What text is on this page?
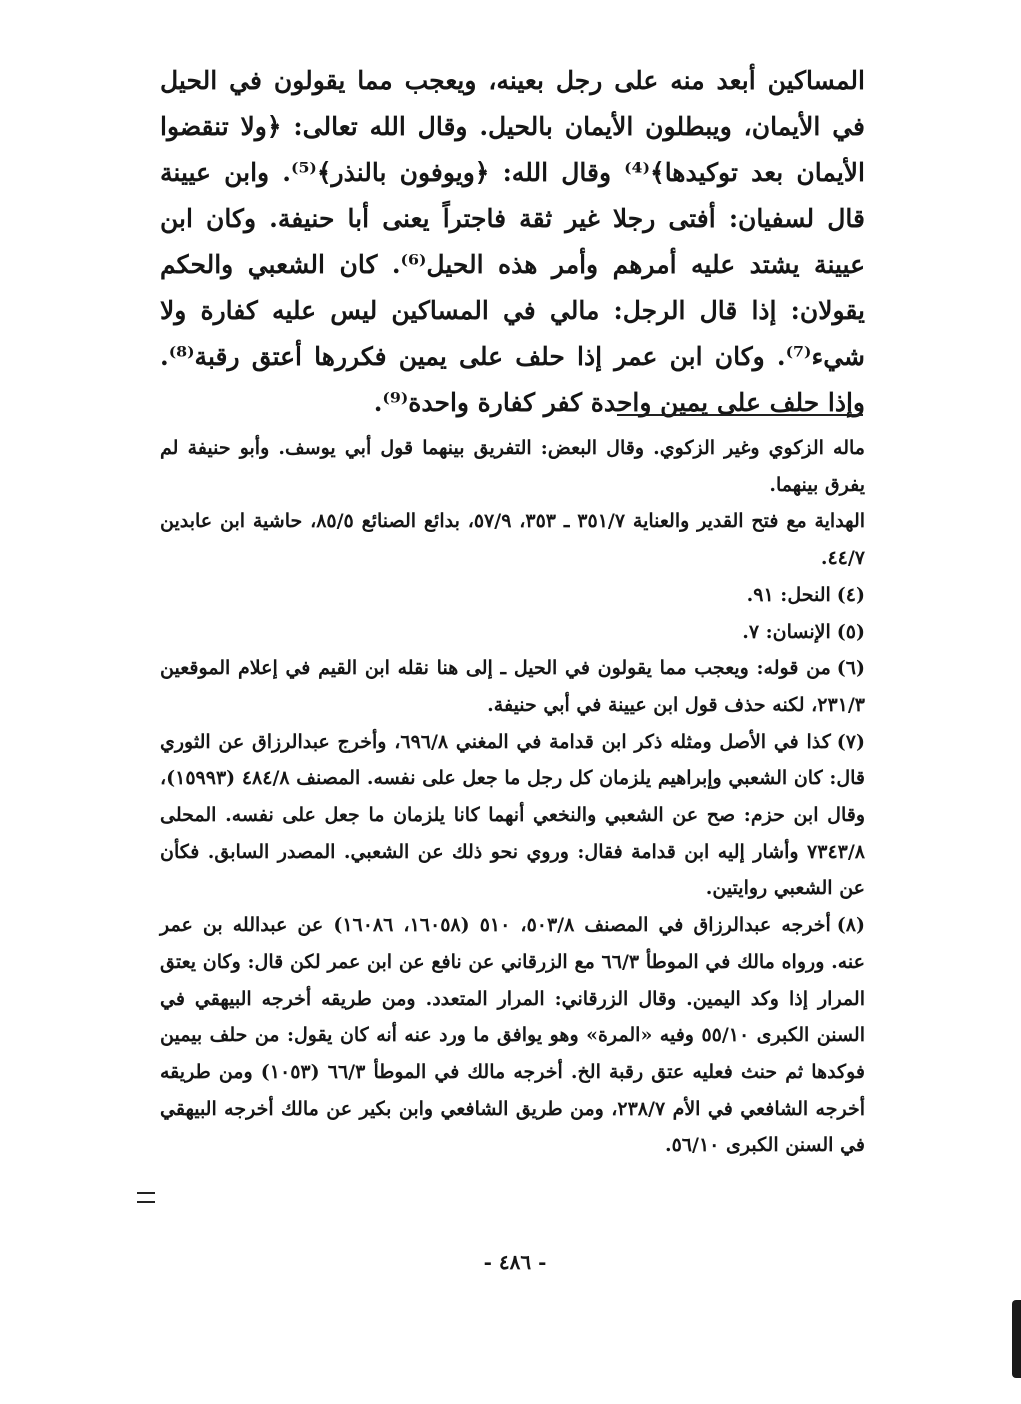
المساكين أبعد منه على رجل بعينه، ويعجب مما يقولون في الحيل في الأيمان، ويبطلون الأيمان بالحيل. وقال الله تعالى: ﴿ولا تنقضوا الأيمان بعد توكيدها﴾⁽⁴⁾ وقال الله: ﴿ويوفون بالنذر﴾⁽⁵⁾. وابن عيينة قال لسفيان: أفتى رجلا غير ثقة فاجتراً يعنى أبا حنيفة. وكان ابن عيينة يشتد عليه أمرهم وأمر هذه الحيل⁽⁶⁾. كان الشعبي والحكم يقولان: إذا قال الرجل: مالي في المساكين ليس عليه كفارة ولا شيء⁽⁷⁾. وكان ابن عمر إذا حلف على يمين فكررها أعتق رقبة⁽⁸⁾. وإذا حلف على يمين واحدة كفر كفارة واحدة⁽⁹⁾.

ماله الزكوي وغير الزكوي. وقال البعض: التفريق بينهما قول أبي يوسف. وأبو حنيفة لم يفرق بينهما.

الهداية مع فتح القدير والعناية ٣٥١/٧ ـ ٣٥٣، ٥٧/٩، بدائع الصنائع ٨٥/٥، حاشية ابن عابدين ٤٤/٧.

(٤)النحل: ٩١.

(٥)الإنسان: ٧.

(٦)من قوله: ويعجب مما يقولون في الحيل ـ إلى هنا نقله ابن القيم في إعلام الموقعين ٢٣١/٣، لكنه حذف قول ابن عيينة في أبي حنيفة.

(٧)كذا في الأصل ومثله ذكر ابن قدامة في المغني ٦٩٦/٨، وأخرج عبدالرزاق عن الثوري قال: كان الشعبي وإبراهيم يلزمان كل رجل ما جعل على نفسه. المصنف ٤٨٤/٨ (١٥٩٩٣)، وقال ابن حزم: صح عن الشعبي والنخعي أنهما كانا يلزمان ما جعل على نفسه. المحلى ٧٣٤٣/٨ وأشار إليه ابن قدامة فقال: وروي نحو ذلك عن الشعبي. المصدر السابق. فكأن عن الشعبي روايتين.

(٨)أخرجه عبدالرزاق في المصنف ٥٠٣/٨، ٥١٠ (١٦٠٥٨، ١٦٠٨٦) عن عبدالله بن عمر عنه. ورواه مالك في الموطأ ٦٦/٣ مع الزرقاني عن نافع عن ابن عمر لكن قال: وكان يعتق المرار إذا وكد اليمين. وقال الزرقاني: المرار المتعدد. ومن طريقه أخرجه البيهقي في السنن الكبرى ٥٥/١٠ وفيه «المرة» وهو يوافق ما ورد عنه أنه كان يقول: من حلف بيمين فوكدها ثم حنث فعليه عتق رقبة الخ. أخرجه مالك في الموطأ ٦٦/٣ (١٠٥٣) ومن طريقه أخرجه الشافعي في الأم ٢٣٨/٧، ومن طريق الشافعي وابن بكير عن مالك أخرجه البيهقي في السنن الكبرى ٥٦/١٠.

- ٤٨٦ -
